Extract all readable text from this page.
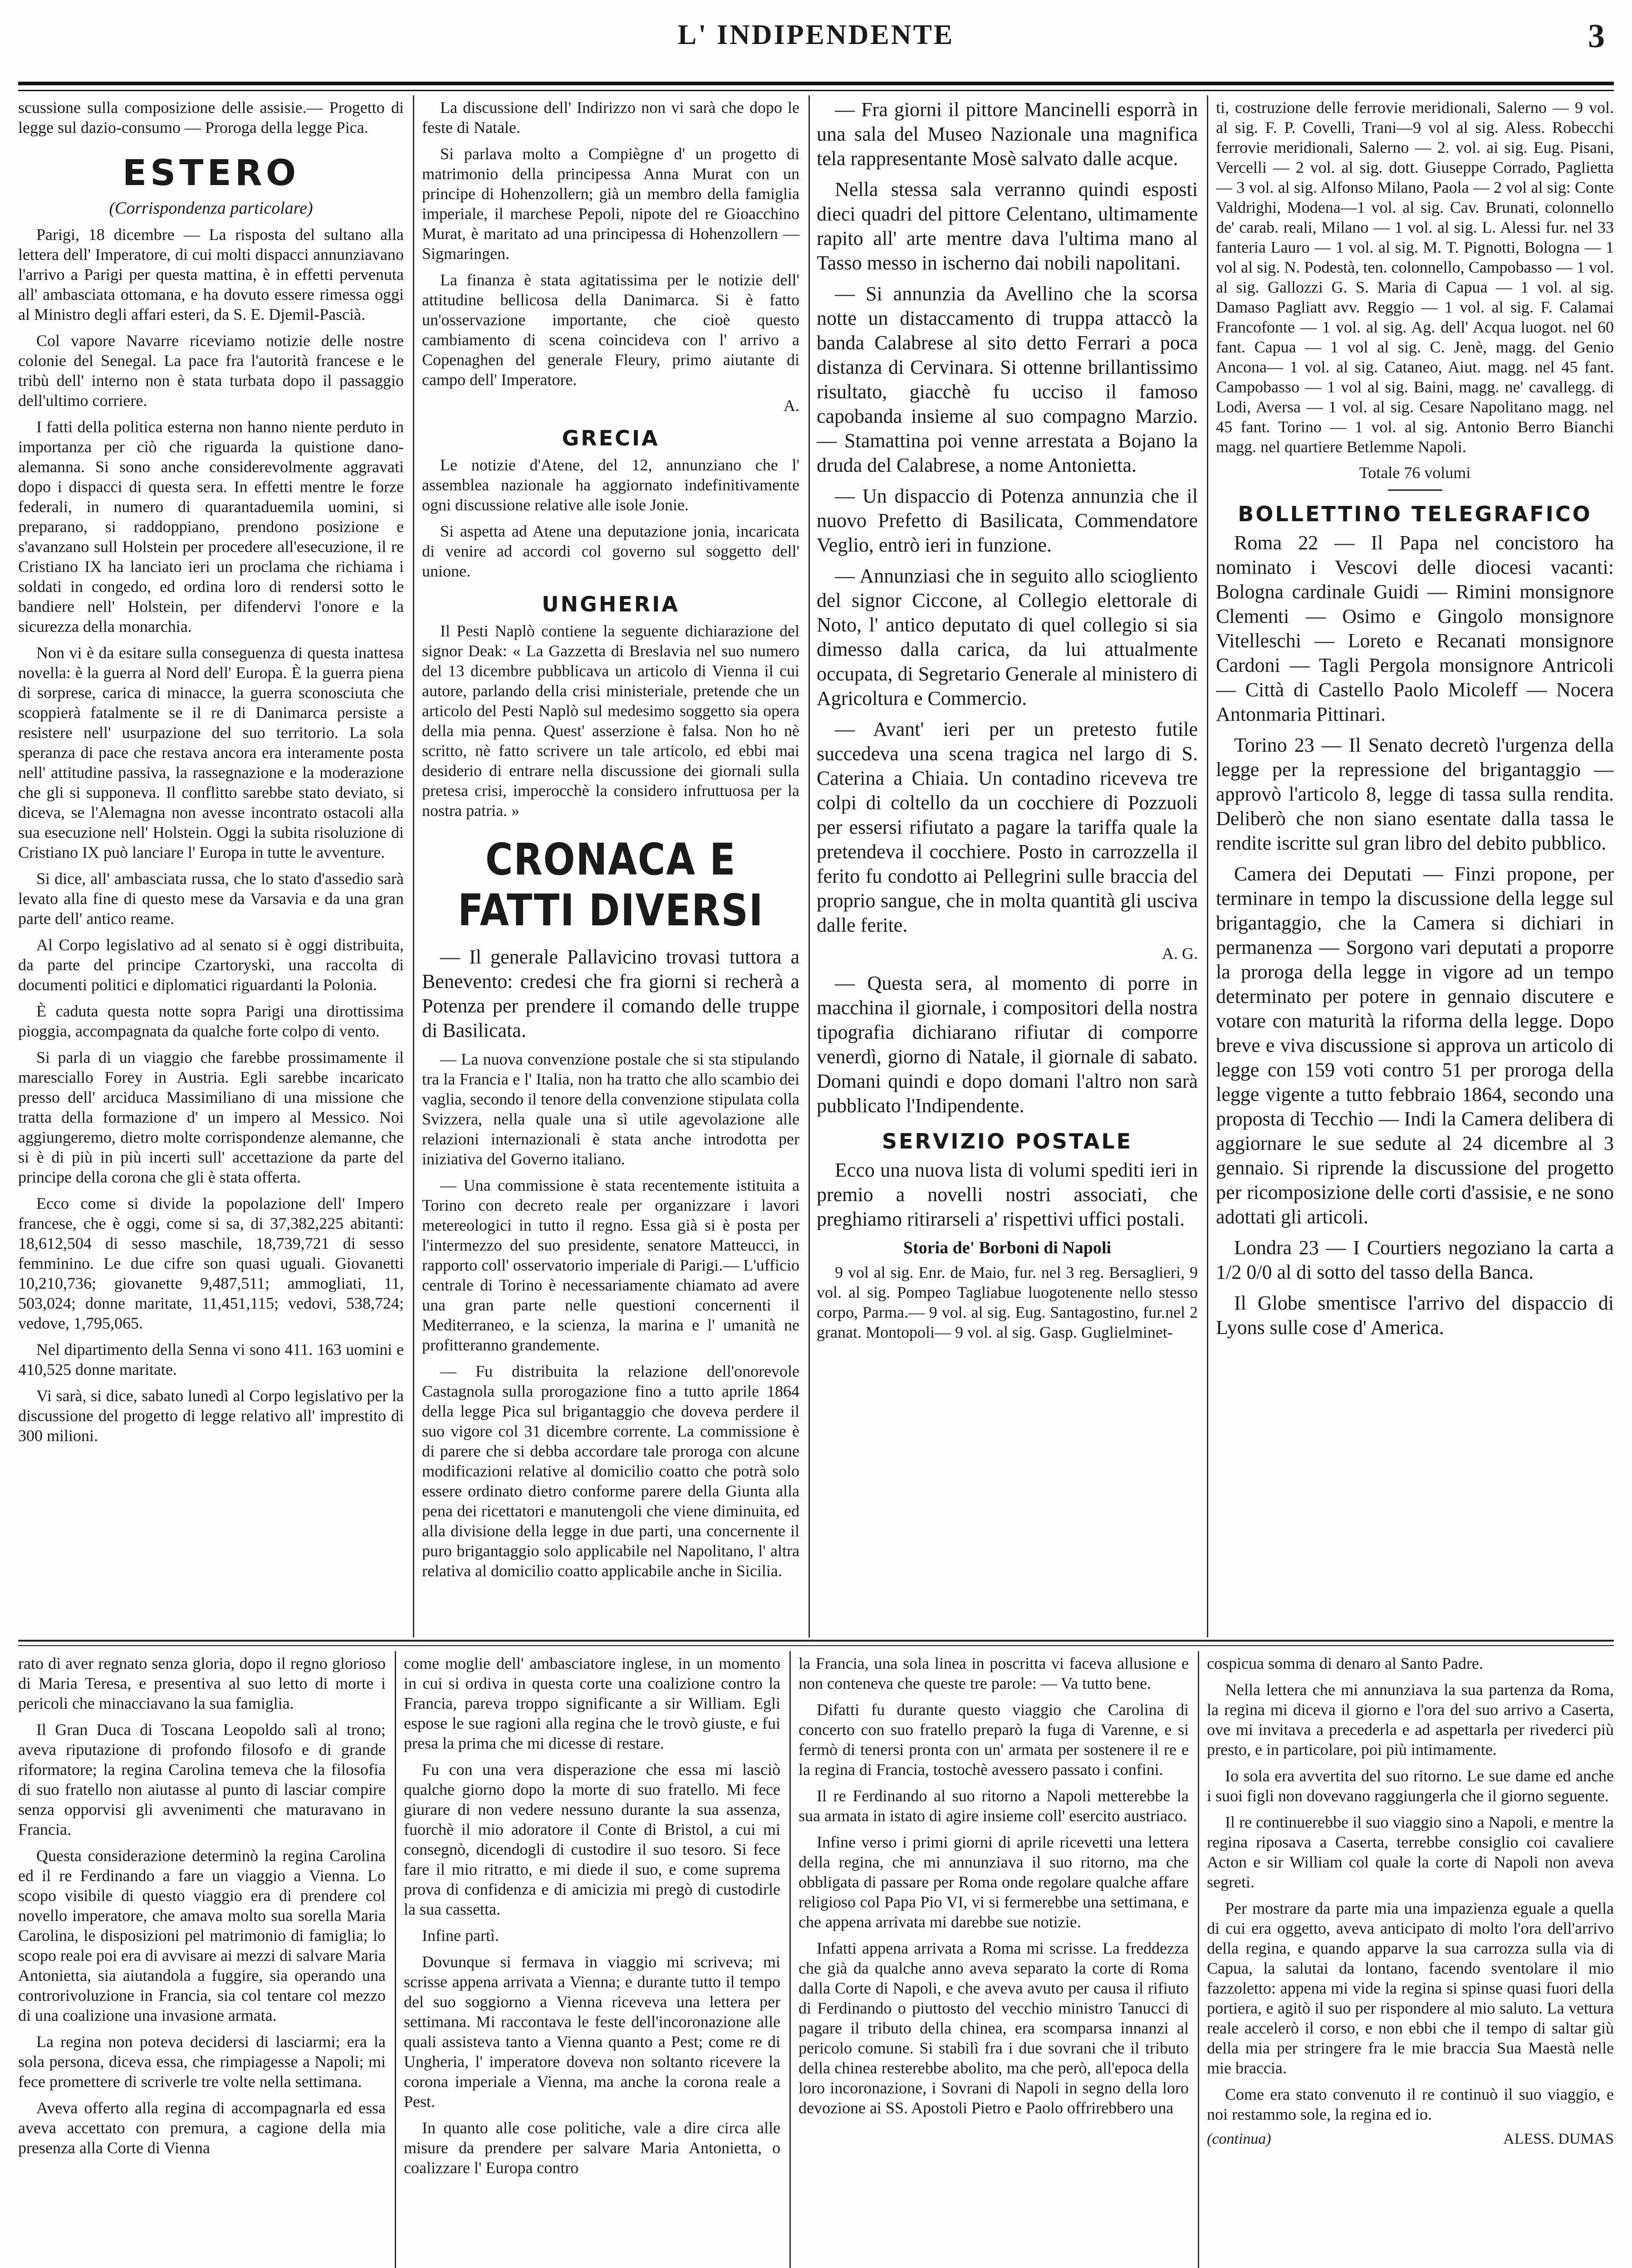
L' INDIPENDENTE	3

scussione sulla composizione delle assisie.— Progetto di legge sul dazio-consumo — Proroga della legge Pica.

ESTERO
(Corrispondenza particolare)

Parigi, 18 dicembre — La risposta del sultano alla lettera dell' Imperatore, di cui molti dispacci annunziavano l'arrivo a Parigi per questa mattina, è in effetti pervenuta all' ambasciata ottomana, e ha dovuto essere rimessa oggi al Ministro degli affari esteri, da S. E. Djemil-Pascià.

Col vapore Navarre riceviamo notizie delle nostre colonie del Senegal. La pace fra l'autorità francese e le tribù dell' interno non è stata turbata dopo il passaggio dell'ultimo corriere.

I fatti della politica esterna non hanno niente perduto in importanza per ciò che riguarda la quistione dano-alemanna. Si sono anche considerevolmente aggravati dopo i dispacci di questa sera. In effetti mentre le forze federali, in numero di quarantaduemila uomini, si preparano, si raddoppiano, prendono posizione e s'avanzano sull Holstein per procedere all'esecuzione, il re Cristiano IX ha lanciato ieri un proclama che richiama i soldati in congedo, ed ordina loro di rendersi sotto le bandiere nell' Holstein, per difendervi l'onore e la sicurezza della monarchia.

Non vi è da esitare sulla conseguenza di questa inattesa novella: è la guerra al Nord dell' Europa. È la guerra piena di sorprese, carica di minacce, la guerra sconosciuta che scoppierà fatalmente se il re di Danimarca persiste a resistere nell' usurpazione del suo territorio. La sola speranza di pace che restava ancora era interamente posta nell' attitudine passiva, la rassegnazione e la moderazione che gli si supponeva. Il conflitto sarebbe stato deviato, si diceva, se l'Alemagna non avesse incontrato ostacoli alla sua esecuzione nell' Holstein. Oggi la subita risoluzione di Cristiano IX può lanciare l' Europa in tutte le avventure.

Si dice, all' ambasciata russa, che lo stato d'assedio sarà levato alla fine di questo mese da Varsavia e da una gran parte dell' antico reame.

Al Corpo legislativo ad al senato si è oggi distribuita, da parte del principe Czartoryski, una raccolta di documenti politici e diplomatici riguardanti la Polonia.

È caduta questa notte sopra Parigi una dirottissima pioggia, accompagnata da qualche forte colpo di vento.

Si parla di un viaggio che farebbe prossimamente il maresciallo Forey in Austria. Egli sarebbe incaricato presso dell' arciduca Massimiliano di una missione che tratta della formazione d' un impero al Messico. Noi aggiungeremo, dietro molte corrispondenze alemanne, che si è di più in più incerti sull' accettazione da parte del principe della corona che gli è stata offerta.

Ecco come si divide la popolazione dell' Impero francese, che è oggi, come si sa, di 37,382,225 abitanti: 18,612,504 di sesso maschile, 18,739,721 di sesso femminino. Le due cifre son quasi uguali. Giovanetti 10,210,736; giovanette 9,487,511; ammogliati, 11, 503,024; donne maritate, 11,451,115; vedovi, 538,724; vedove, 1,795,065.

Nel dipartimento della Senna vi sono 411. 163 uomini e 410,525 donne maritate.

Vi sarà, si dice, sabato lunedì al Corpo legislativo per la discussione del progetto di legge relativo all' imprestito di 300 milioni.

La discussione dell' Indirizzo non vi sarà che dopo le feste di Natale.

Si parlava molto a Compiègne d' un progetto di matrimonio della principessa Anna Murat con un principe di Hohenzollern; già un membro della famiglia imperiale, il marchese Pepoli, nipote del re Gioacchino Murat, è maritato ad una principessa di Hohenzollern — Sigmaringen.

La finanza è stata agitatissima per le notizie dell' attitudine bellicosa della Danimarca. Si è fatto un'osservazione importante, che cioè questo cambiamento di scena coincideva con l' arrivo a Copenaghen del generale Fleury, primo aiutante di campo dell' Imperatore.

A.
GRECIA

Le notizie d'Atene, del 12, annunziano che l' assemblea nazionale ha aggiornato indefinitivamente ogni discussione relative alle isole Jonie.

Si aspetta ad Atene una deputazione jonia, incaricata di venire ad accordi col governo sul soggetto dell' unione.

UNGHERIA

Il Pesti Naplò contiene la seguente dichiarazione del signor Deak: « La Gazzetta di Breslavia nel suo numero del 13 dicembre pubblicava un articolo di Vienna il cui autore, parlando della crisi ministeriale, pretende che un articolo del Pesti Naplò sul medesimo soggetto sia opera della mia penna. Quest' asserzione è falsa. Non ho nè scritto, nè fatto scrivere un tale articolo, ed ebbi mai desiderio di entrare nella discussione dei giornali sulla pretesa crisi, imperocchè la considero infruttuosa per la nostra patria. »

CRONACA E FATTI DIVERSI

— Il generale Pallavicino trovasi tuttora a Benevento: credesi che fra giorni si recherà a Potenza per prendere il comando delle truppe di Basilicata.

— La nuova convenzione postale che si sta stipulando tra la Francia e l' Italia, non ha tratto che allo scambio dei vaglia, secondo il tenore della convenzione stipulata colla Svizzera, nella quale una sì utile agevolazione alle relazioni internazionali è stata anche introdotta per iniziativa del Governo italiano.

— Una commissione è stata recentemente istituita a Torino con decreto reale per organizzare i lavori metereologici in tutto il regno. Essa già si è posta per l'intermezzo del suo presidente, senatore Matteucci, in rapporto coll' osservatorio imperiale di Parigi.— L'ufficio centrale di Torino è necessariamente chiamato ad avere una gran parte nelle questioni concernenti il Mediterraneo, e la scienza, la marina e l' umanità ne profitteranno grandemente.

— Fu distribuita la relazione dell'onorevole Castagnola sulla prorogazione fino a tutto aprile 1864 della legge Pica sul brigantaggio che doveva perdere il suo vigore col 31 dicembre corrente. La commissione è di parere che si debba accordare tale proroga con alcune modificazioni relative al domicilio coatto che potrà solo essere ordinato dietro conforme parere della Giunta alla pena dei ricettatori e manutengoli che viene diminuita, ed alla divisione della legge in due parti, una concernente il puro brigantaggio solo applicabile nel Napolitano, l' altra relativa al domicilio coatto applicabile anche in Sicilia.

— Fra giorni il pittore Mancinelli esporrà in una sala del Museo Nazionale una magnifica tela rappresentante Mosè salvato dalle acque.

Nella stessa sala verranno quindi esposti dieci quadri del pittore Celentano, ultimamente rapito all' arte mentre dava l'ultima mano al Tasso messo in ischerno dai nobili napolitani.

— Si annunzia da Avellino che la scorsa notte un distaccamento di truppa attaccò la banda Calabrese al sito detto Ferrari a poca distanza di Cervinara. Si ottenne brillantissimo risultato, giacchè fu ucciso il famoso capobanda insieme al suo compagno Marzio. — Stamattina poi venne arrestata a Bojano la druda del Calabrese, a nome Antonietta.

— Un dispaccio di Potenza annunzia che il nuovo Prefetto di Basilicata, Commendatore Veglio, entrò ieri in funzione.

— Annunziasi che in seguito allo sciogliento del signor Ciccone, al Collegio elettorale di Noto, l' antico deputato di quel collegio si sia dimesso dalla carica, da lui attualmente occupata, di Segretario Generale al ministero di Agricoltura e Commercio.

— Avant' ieri per un pretesto futile succedeva una scena tragica nel largo di S. Caterina a Chiaia. Un contadino riceveva tre colpi di coltello da un cocchiere di Pozzuoli per essersi rifiutato a pagare la tariffa quale la pretendeva il cocchiere. Posto in carrozzella il ferito fu condotto ai Pellegrini sulle braccia del proprio sangue, che in molta quantità gli usciva dalle ferite.

A. G.

— Questa sera, al momento di porre in macchina il giornale, i compositori della nostra tipografia dichiarano rifiutar di comporre venerdì, giorno di Natale, il giornale di sabato. Domani quindi e dopo domani l'altro non sarà pubblicato l'Indipendente.

SERVIZIO POSTALE

Ecco una nuova lista di volumi spediti ieri in premio a novelli nostri associati, che preghiamo ritirarseli a' rispettivi uffici postali.

Storia de' Borboni di Napoli

9 vol al sig. Enr. de Maio, fur. nel 3 reg. Bersaglieri, 9 vol. al sig. Pompeo Tagliabue luogotenente nello stesso corpo, Parma.— 9 vol. al sig. Eug. Santagostino, fur.nel 2 granat. Montopoli— 9 vol. al sig. Gasp. Guglielminet-

ti, costruzione delle ferrovie meridionali, Salerno — 9 vol. al sig. F. P. Covelli, Trani—9 vol al sig. Aless. Robecchi ferrovie meridionali, Salerno — 2. vol. ai sig. Eug. Pisani, Vercelli — 2 vol. al sig. dott. Giuseppe Corrado, Paglietta — 3 vol. al sig. Alfonso Milano, Paola — 2 vol al sig: Conte Valdrighi, Modena—1 vol. al sig. Cav. Brunati, colonnello de' carab. reali, Milano — 1 vol. al sig. L. Alessi fur. nel 33 fanteria Lauro — 1 vol. al sig. M. T. Pignotti, Bologna — 1 vol al sig. N. Podestà, ten. colonnello, Campobasso — 1 vol. al sig. Gallozzi G. S. Maria di Capua — 1 vol. al sig. Damaso Pagliatt avv. Reggio — 1 vol. al sig. F. Calamai Francofonte — 1 vol. al sig. Ag. dell' Acqua luogot. nel 60 fant. Capua — 1 vol al sig. C. Jenè, magg. del Genio Ancona— 1 vol. al sig. Cataneo, Aiut. magg. nel 45 fant. Campobasso — 1 vol al sig. Baini, magg. ne' cavallegg. di Lodi, Aversa — 1 vol. al sig. Cesare Napolitano magg. nel 45 fant. Torino — 1 vol. al sig. Antonio Berro Bianchi magg. nel quartiere Betlemme Napoli.

Totale 76 volumi
BOLLETTINO TELEGRAFICO

Roma 22 — Il Papa nel concistoro ha nominato i Vescovi delle diocesi vacanti: Bologna cardinale Guidi — Rimini monsignore Clementi — Osimo e Gingolo monsignore Vitelleschi — Loreto e Recanati monsignore Cardoni — Tagli Pergola monsignore Antricoli — Città di Castello Paolo Micoleff — Nocera Antonmaria Pittinari.

Torino 23 — Il Senato decretò l'urgenza della legge per la repressione del brigantaggio — approvò l'articolo 8, legge di tassa sulla rendita. Deliberò che non siano esentate dalla tassa le rendite iscritte sul gran libro del debito pubblico.

Camera dei Deputati — Finzi propone, per terminare in tempo la discussione della legge sul brigantaggio, che la Camera si dichiari in permanenza — Sorgono vari deputati a proporre la proroga della legge in vigore ad un tempo determinato per potere in gennaio discutere e votare con maturità la riforma della legge. Dopo breve e viva discussione si approva un articolo di legge con 159 voti contro 51 per proroga della legge vigente a tutto febbraio 1864, secondo una proposta di Tecchio — Indi la Camera delibera di aggiornare le sue sedute al 24 dicembre al 3 gennaio. Si riprende la discussione del progetto per ricomposizione delle corti d'assisie, e ne sono adottati gli articoli.

Londra 23 — I Courtiers negoziano la carta a 1/2 0/0 al di sotto del tasso della Banca.

Il Globe smentisce l'arrivo del dispaccio di Lyons sulle cose d' America.

rato di aver regnato senza gloria, dopo il regno glorioso di Maria Teresa, e presentiva al suo letto di morte i pericoli che minacciavano la sua famiglia.

Il Gran Duca di Toscana Leopoldo salì al trono; aveva riputazione di profondo filosofo e di grande riformatore; la regina Carolina temeva che la filosofia di suo fratello non aiutasse al punto di lasciar compire senza opporvisi gli avvenimenti che maturavano in Francia.

Questa considerazione determinò la regina Carolina ed il re Ferdinando a fare un viaggio a Vienna. Lo scopo visibile di questo viaggio era di prendere col novello imperatore, che amava molto sua sorella Maria Carolina, le disposizioni pel matrimonio di famiglia; lo scopo reale poi era di avvisare ai mezzi di salvare Maria Antonietta, sia aiutandola a fuggire, sia operando una controrivoluzione in Francia, sia col tentare col mezzo di una coalizione una invasione armata.

La regina non poteva decidersi di lasciarmi; era la sola persona, diceva essa, che rimpiagesse a Napoli; mi fece promettere di scriverle tre volte nella settimana.

Aveva offerto alla regina di accompagnarla ed essa aveva accettato con premura, a cagione della mia presenza alla Corte di Vienna

come moglie dell' ambasciatore inglese, in un momento in cui si ordiva in questa corte una coalizione contro la Francia, pareva troppo significante a sir William. Egli espose le sue ragioni alla regina che le trovò giuste, e fui presa la prima che mi dicesse di restare.

Fu con una vera disperazione che essa mi lasciò qualche giorno dopo la morte di suo fratello. Mi fece giurare di non vedere nessuno durante la sua assenza, fuorchè il mio adoratore il Conte di Bristol, a cui mi consegnò, dicendogli di custodire il suo tesoro. Si fece fare il mio ritratto, e mi diede il suo, e come suprema prova di confidenza e di amicizia mi pregò di custodirle la sua cassetta.

Infine partì.

Dovunque si fermava in viaggio mi scriveva; mi scrisse appena arrivata a Vienna; e durante tutto il tempo del suo soggiorno a Vienna riceveva una lettera per settimana. Mi raccontava le feste dell'incoronazione alle quali assisteva tanto a Vienna quanto a Pest; come re di Ungheria, l' imperatore doveva non soltanto ricevere la corona imperiale a Vienna, ma anche la corona reale a Pest.

In quanto alle cose politiche, vale a dire circa alle misure da prendere per salvare Maria Antonietta, o coalizzare l' Europa contro

la Francia, una sola linea in poscritta vi faceva allusione e non conteneva che queste tre parole: — Va tutto bene.

Difatti fu durante questo viaggio che Carolina di concerto con suo fratello preparò la fuga di Varenne, e si fermò di tenersi pronta con un' armata per sostenere il re e la regina di Francia, tostochè avessero passato i confini.

Il re Ferdinando al suo ritorno a Napoli metterebbe la sua armata in istato di agire insieme coll' esercito austriaco.

Infine verso i primi giorni di aprile ricevetti una lettera della regina, che mi annunziava il suo ritorno, ma che obbligata di passare per Roma onde regolare qualche affare religioso col Papa Pio VI, vi si fermerebbe una settimana, e che appena arrivata mi darebbe sue notizie.

Infatti appena arrivata a Roma mi scrisse. La freddezza che già da qualche anno aveva separato la corte di Roma dalla Corte di Napoli, e che aveva avuto per causa il rifiuto di Ferdinando o piuttosto del vecchio ministro Tanucci di pagare il tributo della chinea, era scomparsa innanzi al pericolo comune. Si stabilì fra i due sovrani che il tributo della chinea resterebbe abolito, ma che però, all'epoca della loro incoronazione, i Sovrani di Napoli in segno della loro devozione ai SS. Apostoli Pietro e Paolo offrirebbero una

cospicua somma di denaro al Santo Padre.

Nella lettera che mi annunziava la sua partenza da Roma, la regina mi diceva il giorno e l'ora del suo arrivo a Caserta, ove mi invitava a precederla e ad aspettarla per rivederci più presto, e in particolare, poi più intimamente.

Io sola era avvertita del suo ritorno. Le sue dame ed anche i suoi figli non dovevano raggiungerla che il giorno seguente.

Il re continuerebbe il suo viaggio sino a Napoli, e mentre la regina riposava a Caserta, terrebbe consiglio coi cavaliere Acton e sir William col quale la corte di Napoli non aveva segreti.

Per mostrare da parte mia una impazienza eguale a quella di cui era oggetto, aveva anticipato di molto l'ora dell'arrivo della regina, e quando apparve la sua carrozza sulla via di Capua, la salutai da lontano, facendo sventolare il mio fazzoletto: appena mi vide la regina si spinse quasi fuori della portiera, e agitò il suo per rispondere al mio saluto. La vettura reale accelerò il corso, e non ebbi che il tempo di saltar giù della mia per stringere fra le mie braccia Sua Maestà nelle mie braccia.

Come era stato convenuto il re continuò il suo viaggio, e noi restammo sole, la regina ed io.

(continua)	ALESS. DUMAS
